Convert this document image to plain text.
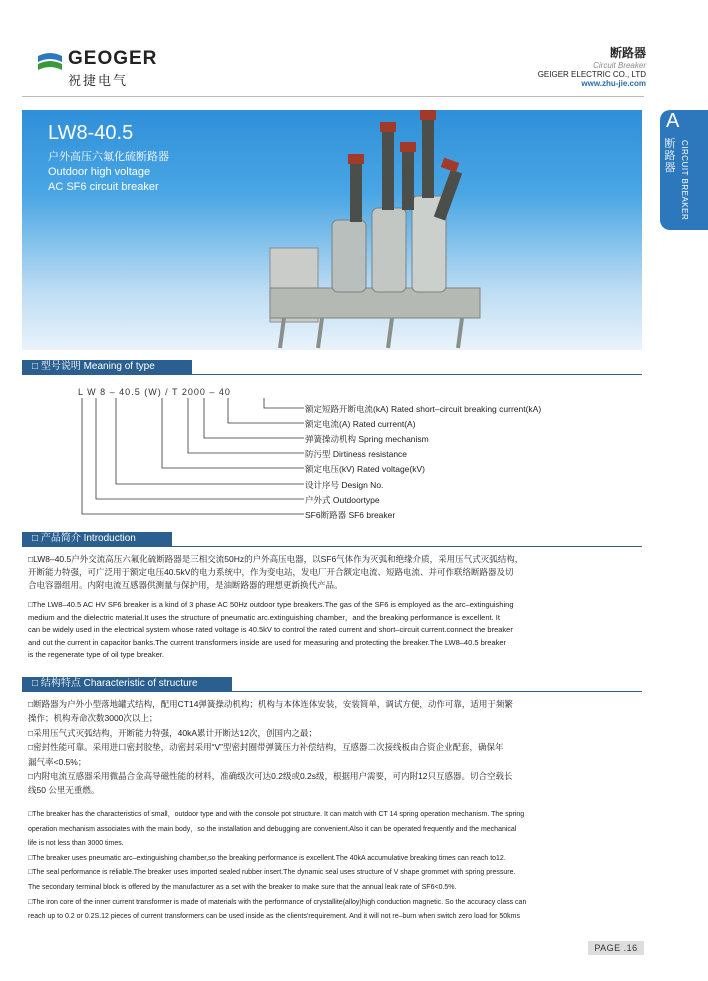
GEOGER
祝捷电气
断路器
Circuit Breaker
GEIGER ELECTRIC CO., LTD
www.zhu-jie.com
A
断路器 CIRCUIT BREAKER
LW8-40.5
户外高压六氟化硫断路器
Outdoor high voltage
AC SF6 circuit breaker
□ 型号说明 Meaning of type
L W 8 – 40.5 (W) / T 2000 – 40
额定短路开断电流(kA) Rated short–circuit breaking current(kA)
额定电流(A) Rated current(A)
弹簧操动机构 Spring mechanism
防污型 Dirtiness resistance
额定电压(kV) Rated voltage(kV)
设计序号 Design No.
户外式 Outdoortype
SF6断路器 SF6 breaker
□ 产品简介 Introduction
□LW8–40.5户外交流高压六氟化硫断路器是三相交流50Hz的户外高压电器，以SF6气体作为灭弧和绝缘介质，采用压气式灭弧结构，
开断能力特强，可广泛用于额定电压40.5kV的电力系统中，作为变电站，发电厂开合额定电流、短路电流、并可作联络断路器及切
合电容器组用。内附电流互感器供测量与保护用，是油断路器的理想更新换代产品。
□The LW8–40.5 AC HV SF6 breaker is a kind of 3 phase AC 50Hz outdoor type breakers.The gas of the SF6 is employed as the arc–extinguishing
medium and the dielectric material.It uses the structure of pneumatic arc.extinguishing chamber，and the breaking performance is excellent. It
can be widely used in the electrical system whose rated voltage is 40.5kV to control the rated current and short–circuit current.connect the breaker
and cut the current in capacitor banks.The current transformers inside are used for measuring and protecting the breaker.The LW8–40.5 breaker
is the regenerate type of oil type breaker.
□ 结构特点 Characteristic of structure
□断路器为户外小型落地罐式结构，配用CT14弹簧操动机构；机构与本体连体安装，安装简单，调试方便，动作可靠，适用于频繁
操作；机构寿命次数3000次以上；
□采用压气式灭弧结构，开断能力特强，40kA累计开断达12次，创国内之最；
□密封性能可靠。采用进口密封胶垫，动密封采用“V”型密封圈带弹簧压力补偿结构，互感器二次接线板由合资企业配套，确保年
漏气率<0.5%；
□内附电流互感器采用微晶合金高导磁性能的材料，准确级次可达0.2级或0.2s级，根据用户需要，可内附12只互感器。切合空载长
线50 公里无重燃。
□The breaker has the characteristics of small，outdoor type and with the console pot structure. It can match with CT 14 spring operation mechanism. The spring
operation mechanism associates with the main body，so the installation and debugging are convenient.Also it can be operated frequently and the mechanical
life is not less than 3000 times.
□The breaker uses pneumatic arc–extinguishing chamber,so the breaking performance is excellent.The 40kA accumulative breaking times can reach to12.
□The seal performance is reliable.The breaker uses imported sealed rubber insert.The dynamic seal uses structure of V shape grommet with spring pressure.
The secondary terminal block is offered by the manufacturer as a set with the breaker to make sure that the annual leak rate of SF6<0.5%.
□The iron core of the inner current transformer is made of materials with the performance of crystallite(alloy)high conduction magnetic. So the accuracy class can
reach up to 0.2 or 0.2S.12 pieces of current transformers can be used inside as the clients'requirement. And it will not re–burn when switch zero load for 50kms
PAGE .16
